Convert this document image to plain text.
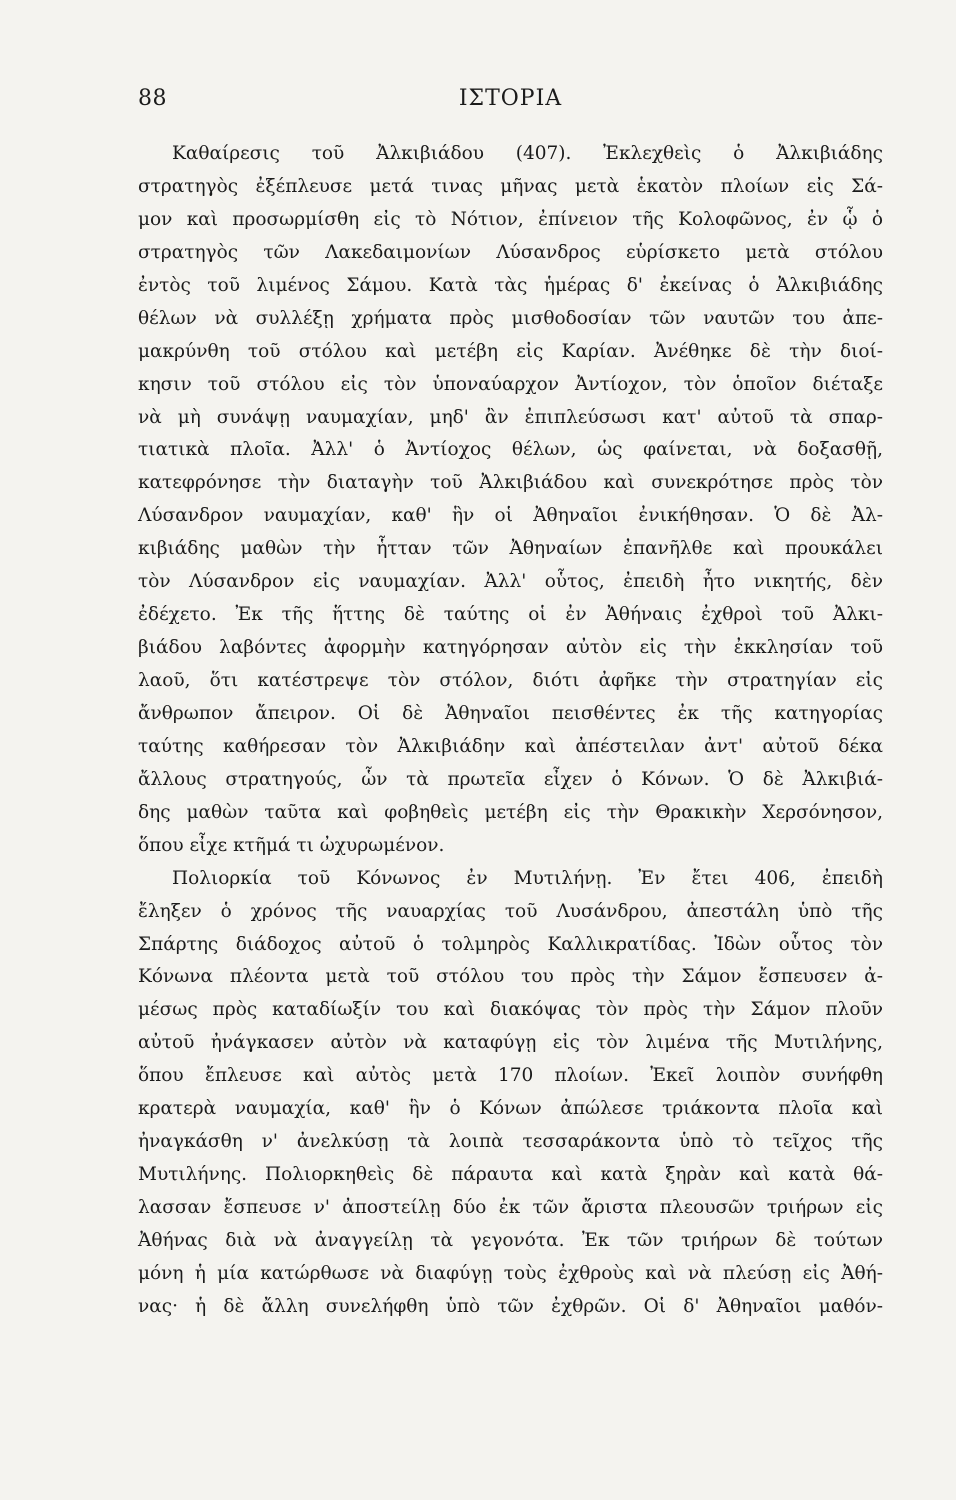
88	ΙΣΤΟΡΙΑ
Καθαίρεσις τοῦ Ἀλκιβιάδου (407). Ἐκλεχθεὶς ὁ Ἀλκιβιάδης
στρατηγὸς ἐξέπλευσε μετά τινας μῆνας μετὰ ἑκατὸν πλοίων εἰς Σά-
μον καὶ προσωρμίσθη εἰς τὸ Νότιον, ἐπίνειον τῆς Κολοφῶνος, ἐν ᾧ ὁ
στρατηγὸς τῶν Λακεδαιμονίων Λύσανδρος εὑρίσκετο μετὰ στόλου
ἐντὸς τοῦ λιμένος Σάμου. Κατὰ τὰς ἡμέρας δ' ἐκείνας ὁ Ἀλκιβιάδης
θέλων νὰ συλλέξῃ χρήματα πρὸς μισθοδοσίαν τῶν ναυτῶν του ἀπε-
μακρύνθη τοῦ στόλου καὶ μετέβη εἰς Καρίαν. Ἀνέθηκε δὲ τὴν διοί-
κησιν τοῦ στόλου εἰς τὸν ὑποναύαρχον Ἀντίοχον, τὸν ὁποῖον διέταξε
νὰ μὴ συνάψῃ ναυμαχίαν, μηδ' ἂν ἐπιπλεύσωσι κατ' αὐτοῦ τὰ σπαρ-
τιατικὰ πλοῖα. Ἀλλ' ὁ Ἀντίοχος θέλων, ὡς φαίνεται, νὰ δοξασθῇ,
κατεφρόνησε τὴν διαταγὴν τοῦ Ἀλκιβιάδου καὶ συνεκρότησε πρὸς τὸν
Λύσανδρον ναυμαχίαν, καθ' ἣν οἱ Ἀθηναῖοι ἐνικήθησαν. Ὁ δὲ Ἀλ-
κιβιάδης μαθὼν τὴν ἧτταν τῶν Ἀθηναίων ἐπανῆλθε καὶ προυκάλει
τὸν Λύσανδρον εἰς ναυμαχίαν. Ἀλλ' οὗτος, ἐπειδὴ ἦτο νικητής, δὲν
ἐδέχετο. Ἐκ τῆς ἥττης δὲ ταύτης οἱ ἐν Ἀθήναις ἐχθροὶ τοῦ Ἀλκι-
βιάδου λαβόντες ἀφορμὴν κατηγόρησαν αὐτὸν εἰς τὴν ἐκκλησίαν τοῦ
λαοῦ, ὅτι κατέστρεψε τὸν στόλον, διότι ἀφῆκε τὴν στρατηγίαν εἰς
ἄνθρωπον ἄπειρον. Οἱ δὲ Ἀθηναῖοι πεισθέντες ἐκ τῆς κατηγορίας
ταύτης καθήρεσαν τὸν Ἀλκιβιάδην καὶ ἀπέστειλαν ἀντ' αὐτοῦ δέκα
ἄλλους στρατηγούς, ὧν τὰ πρωτεῖα εἶχεν ὁ Κόνων. Ὁ δὲ Ἀλκιβιά-
δης μαθὼν ταῦτα καὶ φοβηθεὶς μετέβη εἰς τὴν Θρακικὴν Χερσόνησον,
ὅπου εἶχε κτῆμά τι ὠχυρωμένον.
Πολιορκία τοῦ Κόνωνος ἐν Μυτιλήνῃ. Ἐν ἔτει 406, ἐπειδὴ
ἔληξεν ὁ χρόνος τῆς ναυαρχίας τοῦ Λυσάνδρου, ἀπεστάλη ὑπὸ τῆς
Σπάρτης διάδοχος αὐτοῦ ὁ τολμηρὸς Καλλικρατίδας. Ἰδὼν οὗτος τὸν
Κόνωνα πλέοντα μετὰ τοῦ στόλου του πρὸς τὴν Σάμον ἔσπευσεν ἀ-
μέσως πρὸς καταδίωξίν του καὶ διακόψας τὸν πρὸς τὴν Σάμον πλοῦν
αὐτοῦ ἠνάγκασεν αὐτὸν νὰ καταφύγῃ εἰς τὸν λιμένα τῆς Μυτιλήνης,
ὅπου ἔπλευσε καὶ αὐτὸς μετὰ 170 πλοίων. Ἐκεῖ λοιπὸν συνήφθη
κρατερὰ ναυμαχία, καθ' ἣν ὁ Κόνων ἀπώλεσε τριάκοντα πλοῖα καὶ
ἠναγκάσθη ν' ἀνελκύσῃ τὰ λοιπὰ τεσσαράκοντα ὑπὸ τὸ τεῖχος τῆς
Μυτιλήνης. Πολιορκηθεὶς δὲ πάραυτα καὶ κατὰ ξηρὰν καὶ κατὰ θά-
λασσαν ἔσπευσε ν' ἀποστείλῃ δύο ἐκ τῶν ἄριστα πλεουσῶν τριήρων εἰς
Ἀθήνας διὰ νὰ ἀναγγείλῃ τὰ γεγονότα. Ἐκ τῶν τριήρων δὲ τούτων
μόνη ἡ μία κατώρθωσε νὰ διαφύγῃ τοὺς ἐχθροὺς καὶ νὰ πλεύσῃ εἰς Ἀθή-
νας· ἡ δὲ ἄλλη συνελήφθη ὑπὸ τῶν ἐχθρῶν. Οἱ δ' Ἀθηναῖοι μαθόν-
